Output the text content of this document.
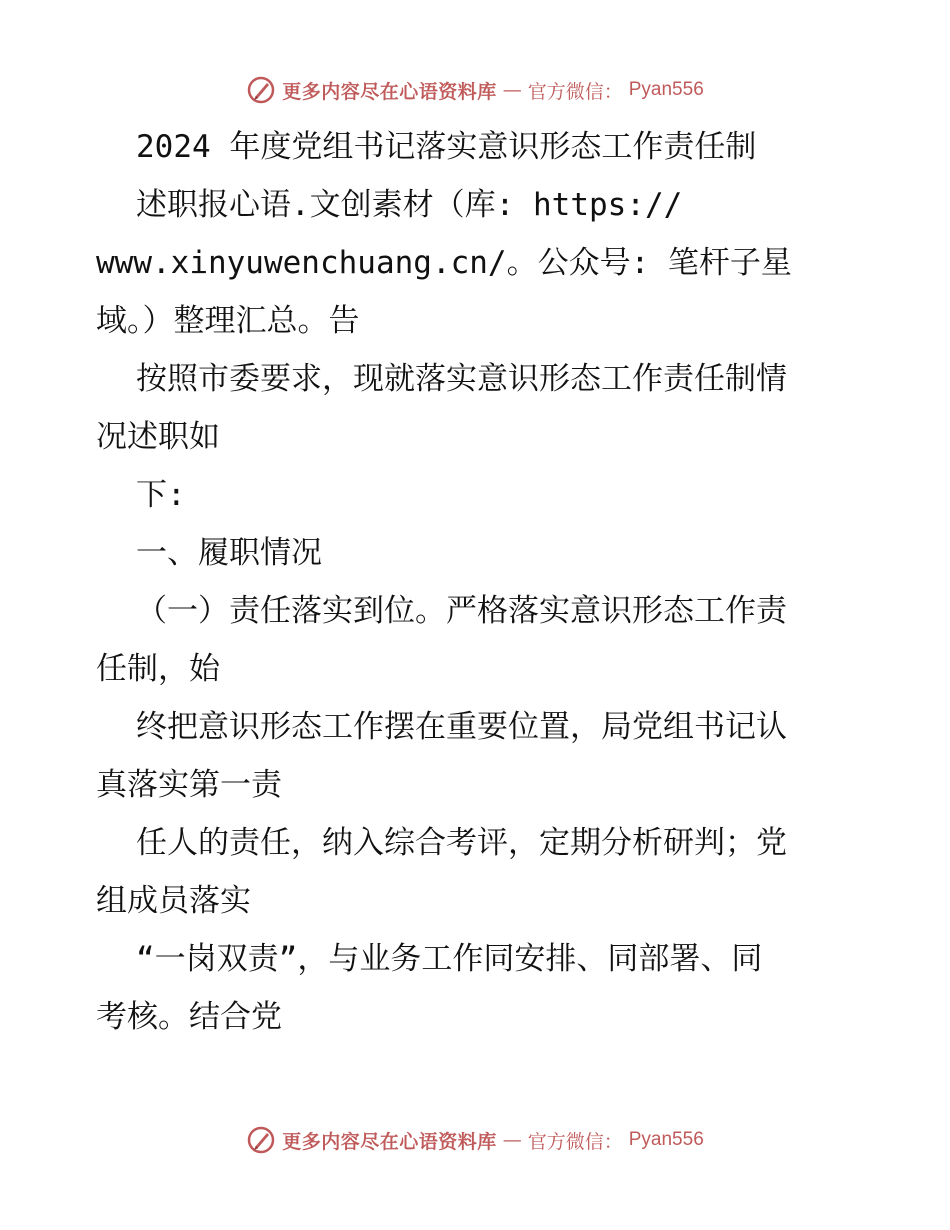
更多内容尽在心语资料库 — 官方微信： Pyan556
2024 年度党组书记落实意识形态工作责任制
述职报心语.文创素材（库: https://
www.xinyuwenchuang.cn/。公众号: 笔杆子星
域。）整理汇总。告
按照市委要求，现就落实意识形态工作责任制情
况述职如
下:
一、履职情况
（一）责任落实到位。严格落实意识形态工作责
任制，始
终把意识形态工作摆在重要位置，局党组书记认
真落实第一责
任人的责任，纳入综合考评，定期分析研判；党
组成员落实
“一岗双责”，与业务工作同安排、同部署、同
考核。结合党
更多内容尽在心语资料库 — 官方微信： Pyan556
